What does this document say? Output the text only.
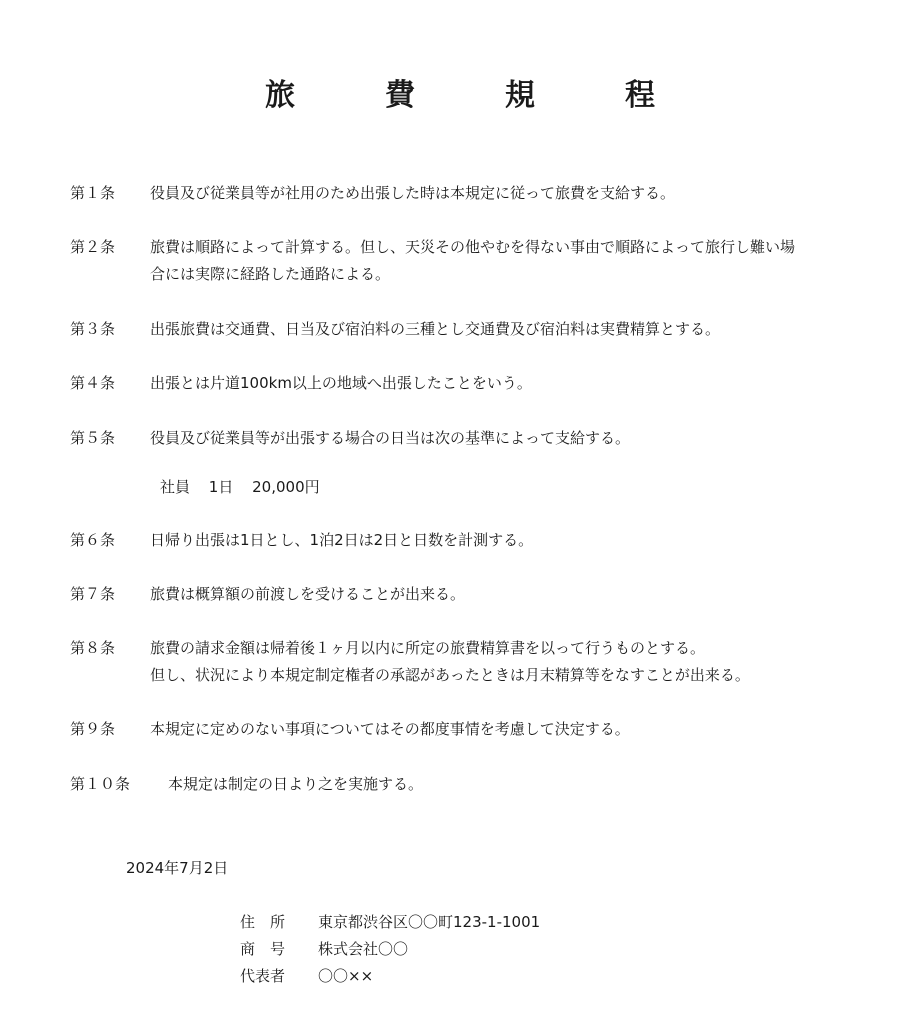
旅　費　規　程
第１条 役員及び従業員等が社用のため出張した時は本規定に従って旅費を支給する。
第２条 旅費は順路によって計算する。但し、天災その他やむを得ない事由で順路によって旅行し難い場
合には実際に経路した通路による。
第３条 出張旅費は交通費、日当及び宿泊料の三種とし交通費及び宿泊料は実費精算とする。
第４条 出張とは片道100km以上の地域へ出張したことをいう。
第５条 役員及び従業員等が出張する場合の日当は次の基準によって支給する。
社員 1日 20,000円
第６条 日帰り出張は1日とし、1泊2日は2日と日数を計測する。
第７条 旅費は概算額の前渡しを受けることが出来る。
第８条 旅費の請求金額は帰着後１ヶ月以内に所定の旅費精算書を以って行うものとする。
但し、状況により本規定制定権者の承認があったときは月末精算等をなすことが出来る。
第９条 本規定に定めのない事項についてはその都度事情を考慮して決定する。
第１０条	本規定は制定の日より之を実施する。
2024年7月2日
住　所 東京都渋谷区〇〇町123-1-1001
商　号 株式会社〇〇
代表者 〇〇××
